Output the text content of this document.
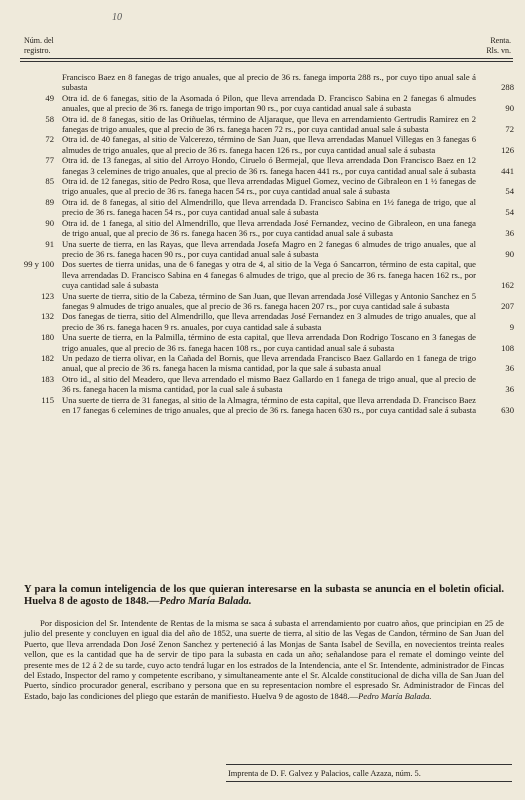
10
Núm. del
registro.
Renta.
Rls. vn.
Francisco Baez en 8 fanegas de trigo anuales, que al precio de 36 rs. fanega importa 288 rs., por cuyo tipo anual sale á subasta	288
49 Otra id. de 6 fanegas, sitio de la Asomada ó Pilon, que lleva arrendada D. Francisco Sabina en 2 fanegas 6 almudes anuales, que al precio de 36 rs. fanega de trigo importan 90 rs., por cuya cantidad anual sale á subasta	90
58 Otra id. de 8 fanegas, sitio de las Oriñuelas, término de Aljaraque, que lleva en arrendamiento Gertrudis Ramirez en 2 fanegas de trigo anuales, que al precio de 36 rs. fanega hacen 72 rs., por cuya cantidad anual sale á subasta	72
72 Otra id. de 40 fanegas, al sitio de Valcerezo, término de San Juan, que lleva arrendadas Manuel Villegas en 3 fanegas 6 almudes de trigo anuales, que al precio de 36 rs. fanega hacen 126 rs., por cuya cantidad anual sale á subasta	126
77 Otra id. de 13 fanegas, al sitio del Arroyo Hondo, Ciruelo ó Bermejal, que lleva arrendada Don Francisco Baez en 12 fanegas 3 celemines de trigo anuales, que al precio de 36 rs. fanega hacen 441 rs., por cuya cantidad anual sale á subasta	441
85 Otra id. de 12 fanegas, sitio de Pedro Rosa, que lleva arrendadas Miguel Gomez, vecino de Gibraleon en 1 ½ fanegas de trigo anuales, que al precio de 36 rs. fanega hacen 54 rs., por cuya cantidad anual sale á subasta	54
89 Otra id. de 8 fanegas, al sitio del Almendrillo, que lleva arrendada D. Francisco Sabina en 1½ fanega de trigo, que al precio de 36 rs. fanega hacen 54 rs., por cuya cantidad anual sale á subasta	54
90 Otra id. de 1 fanega, al sitio del Almendrillo, que lleva arrendada José Fernandez, vecino de Gibraleon, en una fanega de trigo anual, que al precio de 36 rs. fanega hacen 36 rs., por cuya cantidad anual sale á subasta	36
91 Una suerte de tierra, en las Rayas, que lleva arrendada Josefa Magro en 2 fanegas 6 almudes de trigo anuales, que al precio de 36 rs. fanega hacen 90 rs., por cuya cantidad anual sale á subasta	90
99 y 100 Dos suertes de tierra unidas, una de 6 fanegas y otra de 4, al sitio de la Vega ó Sancarron, término de esta capital, que lleva arrendadas D. Francisco Sabina en 4 fanegas 6 almudes de trigo, que al precio de 36 rs. fanega hacen 162 rs., por cuya cantidad sale á subasta	162
123 Una suerte de tierra, sitio de la Cabeza, término de San Juan, que llevan arrendada José Villegas y Antonio Sanchez en 5 fanegas 9 almudes de trigo anuales, que al precio de 36 rs. fanega hacen 207 rs., por cuya cantidad sale á subasta	207
132 Dos fanegas de tierra, sitio del Almendrillo, que lleva arrendadas José Fernandez en 3 almudes de trigo anuales, que al precio de 36 rs. fanega hacen 9 rs. anuales, por cuya cantidad sale á subasta	9
180 Una suerte de tierra, en la Palmilla, término de esta capital, que lleva arrendada Don Rodrigo Toscano en 3 fanegas de trigo anuales, que al precio de 36 rs. fanega hacen 108 rs., por cuya cantidad anual sale á subasta	108
182 Un pedazo de tierra olivar, en la Cañada del Bornis, que lleva arrendada Francisco Baez Gallardo en 1 fanega de trigo anual, que al precio de 36 rs. fanega hacen la misma cantidad, por la que sale á subasta anual	36
183 Otro id., al sitio del Meadero, que lleva arrendado el mismo Baez Gallardo en 1 fanega de trigo anual, que al precio de 36 rs. fanega hacen la misma cantidad, por la cual sale á subasta	36
115 Una suerte de tierra de 31 fanegas, al sitio de la Almagra, término de esta capital, que lleva arrendada D. Francisco Baez en 17 fanegas 6 celemines de trigo anuales, que al precio de 36 rs. fanega hacen 630 rs., por cuya cantidad sale á subasta	630
Y para la comun inteligencia de los que quieran interesarse en la subasta se anuncia en el boletin oficial. Huelva 8 de agosto de 1848.—Pedro María Balada.
Por disposicion del Sr. Intendente de Rentas de la misma se saca á subasta el arrendamiento por cuatro años, que principian en 25 de julio del presente y concluyen en igual dia del año de 1852, una suerte de tierra, al sitio de las Vegas de Candon, término de San Juan del Puerto, que lleva arrendada Don José Zenon Sanchez y perteneció á las Monjas de Santa Isabel de Sevilla, en novecientos treinta reales vellon, que es la cantidad que ha de servir de tipo para la subasta en cada un año; señalandose para el remate el domingo veinte del presente mes de 12 á 2 de su tarde, cuyo acto tendrá lugar en los estrados de la Intendencia, ante el Sr. Intendente, administrador de Fincas del Estado, Inspector del ramo y competente escribano, y simultaneamente ante el Sr. Alcalde constitucional de dicha villa de San Juan del Puerto, síndico procurador general, escribano y persona que en su representacion nombre el espresado Sr. Administrador de Fincas del Estado, bajo las condiciones del pliego que estarán de manifiesto. Huelva 9 de agosto de 1848.—Pedro María Balada.
Imprenta de D. F. Galvez y Palacios, calle Azaza, núm. 5.
